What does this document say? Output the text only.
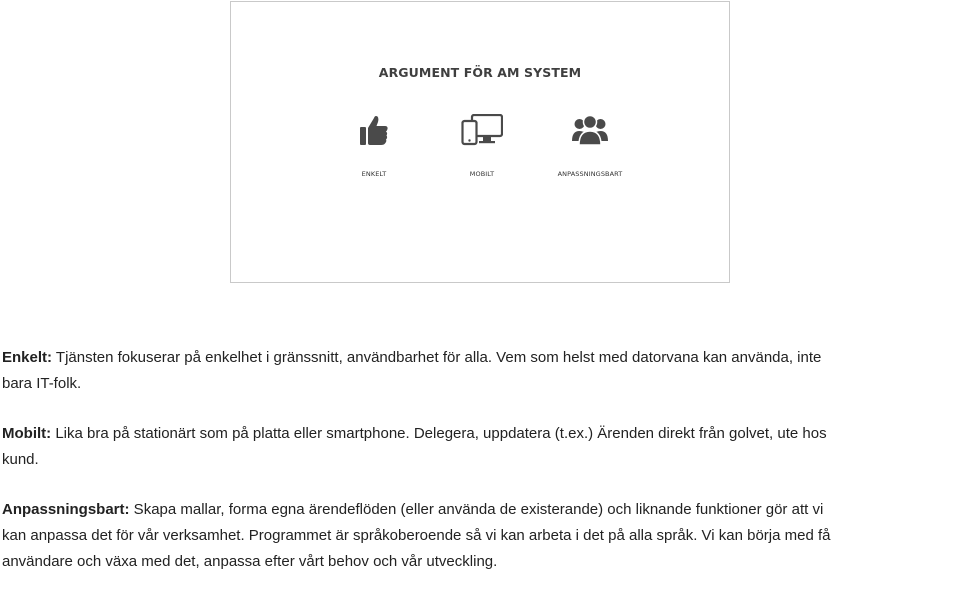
ARGUMENT FÖR AM SYSTEM
ENKELT	MOBILT	ANPASSNINGSBART

Enkelt: Tjänsten fokuserar på enkelhet i gränssnitt, användbarhet för alla. Vem som helst med datorvana kan använda, inte
bara IT-folk.

Mobilt: Lika bra på stationärt som på platta eller smartphone. Delegera, uppdatera (t.ex.) Ärenden direkt från golvet, ute hos
kund.

Anpassningsbart: Skapa mallar, forma egna ärendeflöden (eller använda de existerande) och liknande funktioner gör att vi
kan anpassa det för vår verksamhet. Programmet är språkoberoende så vi kan arbeta i det på alla språk. Vi kan börja med få
användare och växa med det, anpassa efter vårt behov och vår utveckling.
